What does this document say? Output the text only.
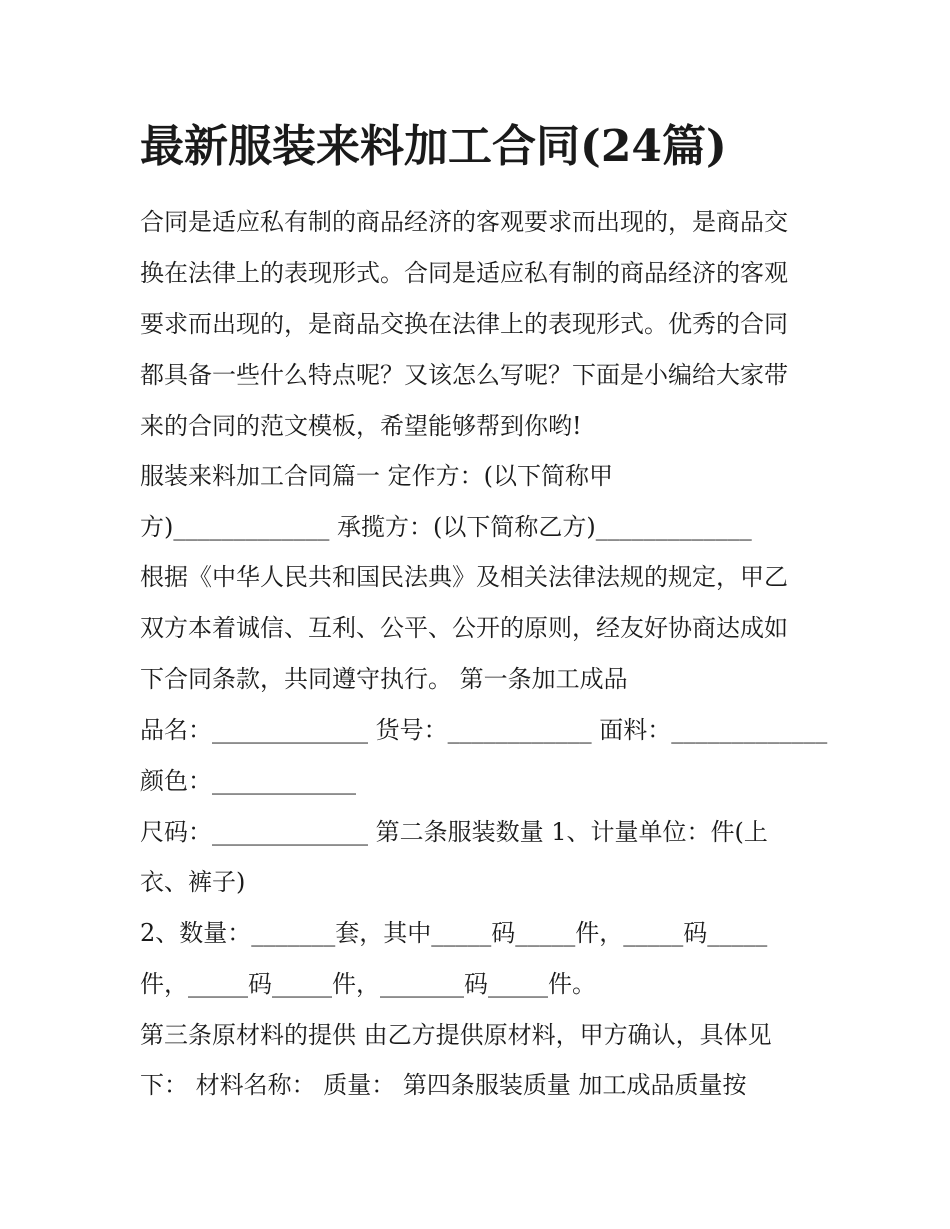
最新服装来料加工合同(24篇)

合同是适应私有制的商品经济的客观要求而出现的，是商品交

换在法律上的表现形式。合同是适应私有制的商品经济的客观

要求而出现的，是商品交换在法律上的表现形式。优秀的合同

都具备一些什么特点呢？又该怎么写呢？下面是小编给大家带

来的合同的范文模板，希望能够帮到你哟!

服装来料加工合同篇一 定作方：(以下简称甲

方)_____________ 承揽方：(以下简称乙方)_____________

根据《中华人民共和国民法典》及相关法律法规的规定，甲乙

双方本着诚信、互利、公平、公开的原则，经友好协商达成如

下合同条款，共同遵守执行。 第一条加工成品

品名：_____________ 货号：____________ 面料：_____________

颜色：____________

尺码：_____________ 第二条服装数量 1、计量单位：件(上

衣、裤子)

2、数量：_______套，其中_____码_____件，_____码_____

件，_____码_____件，_______码_____件。

第三条原材料的提供 由乙方提供原材料，甲方确认，具体见

下： 材料名称： 质量： 第四条服装质量 加工成品质量按
